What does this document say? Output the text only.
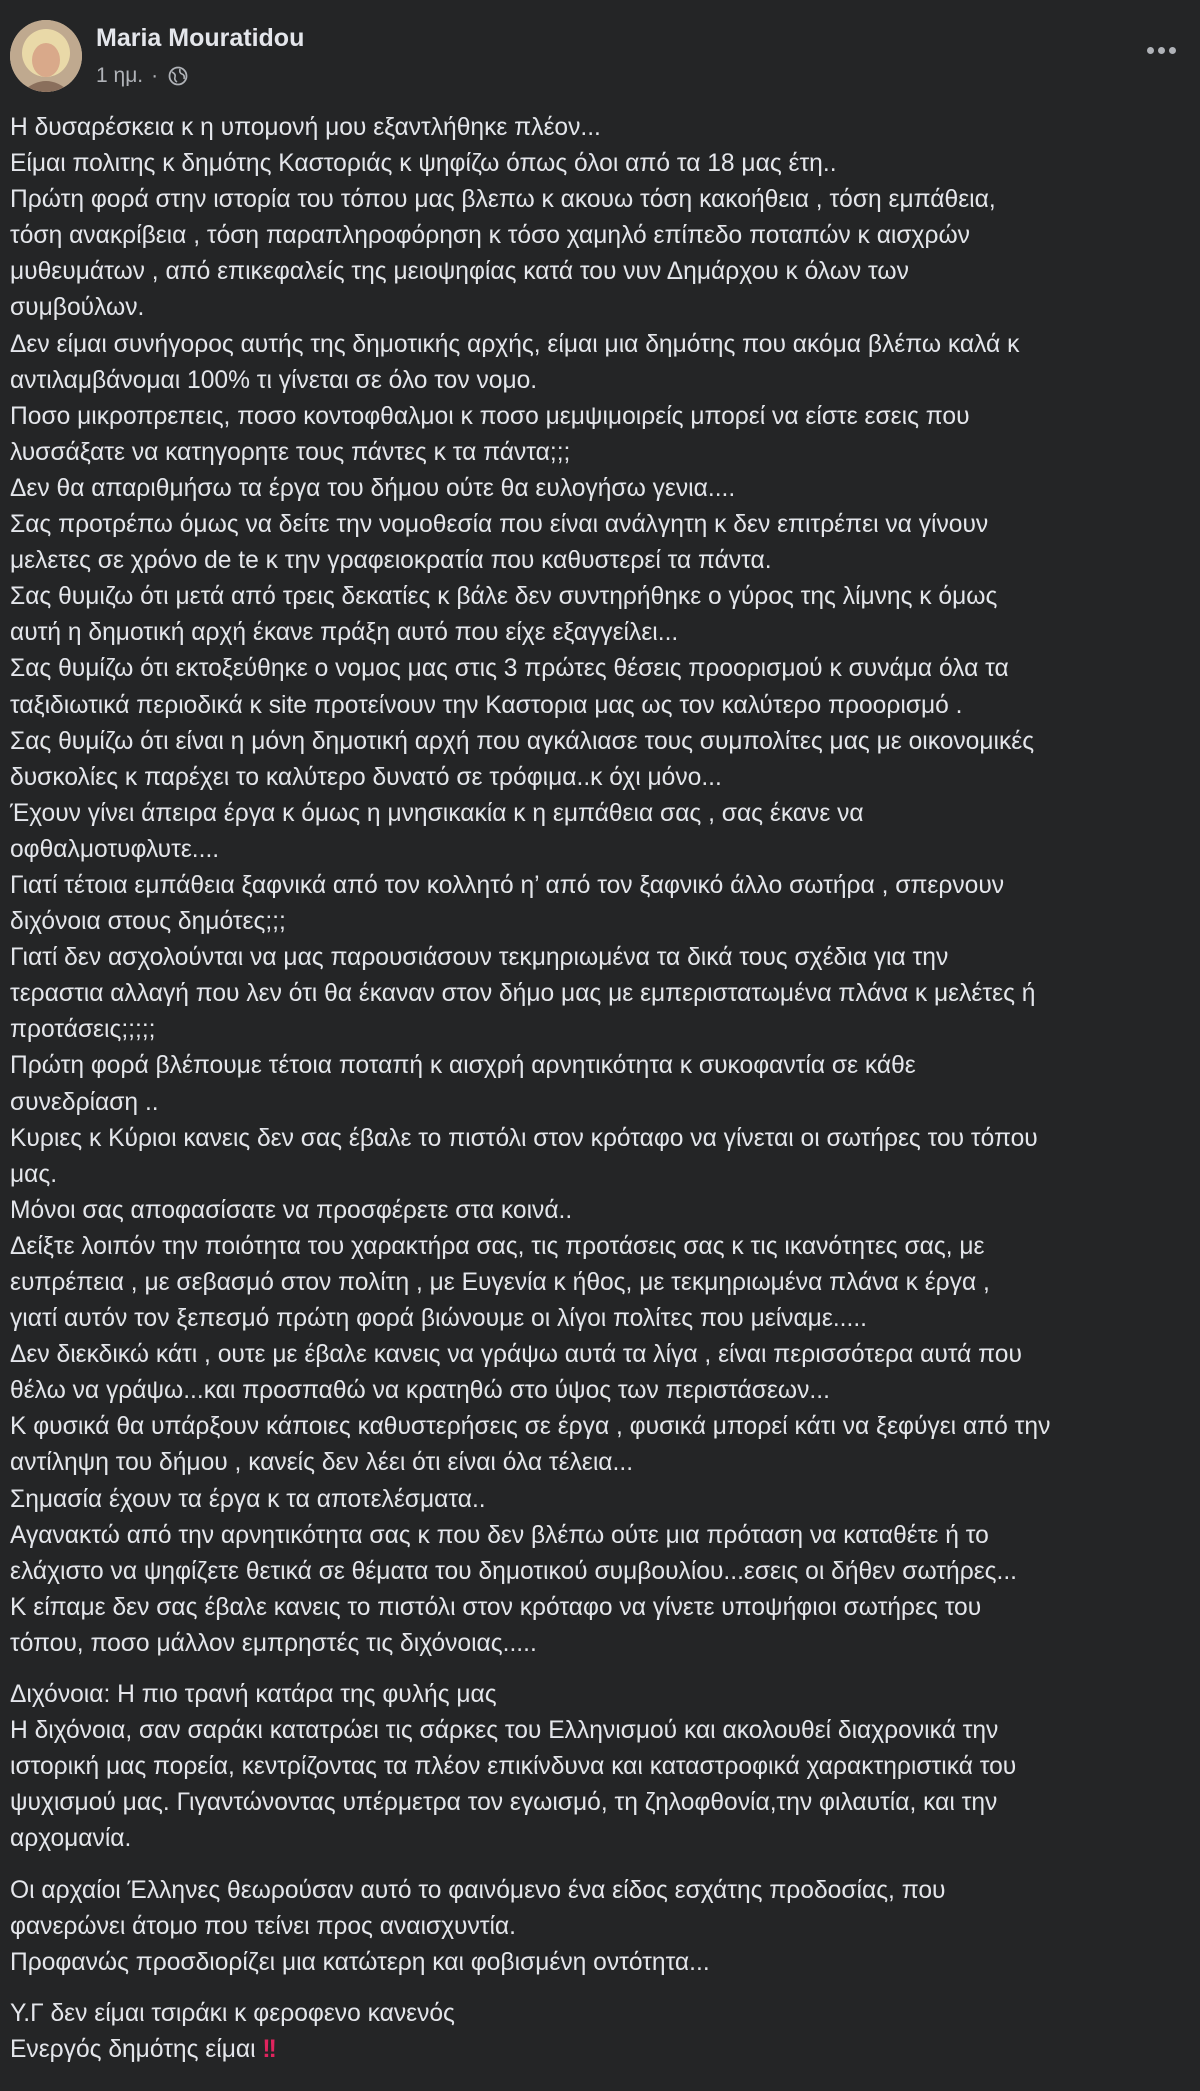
Maria Mouratidou
1 ημ. ·
Η δυσαρέσκεια κ η υπομονή μου εξαντλήθηκε πλέον...
Είμαι πολιτης κ δημότης Καστοριάς κ ψηφίζω όπως όλοι από τα 18 μας έτη..
Πρώτη φορά στην ιστορία του τόπου μας βλεπω κ ακουω τόση κακοήθεια , τόση εμπάθεια,
τόση ανακρίβεια , τόση παραπληροφόρηση κ τόσο χαμηλό επίπεδο ποταπών κ αισχρών
μυθευμάτων , από επικεφαλείς της μειοψηφίας κατά του νυν Δημάρχου κ όλων των
συμβούλων.
Δεν είμαι συνήγορος αυτής της δημοτικής αρχής, είμαι μια δημότης που ακόμα βλέπω καλά κ
αντιλαμβάνομαι 100% τι γίνεται σε όλο τον νομο.
Ποσο μικροπρεπεις, ποσο κοντοφθαλμοι κ ποσο μεμψιμοιρείς μπορεί να είστε εσεις που
λυσσάξατε να κατηγορητε τους πάντες κ τα πάντα;;;
Δεν θα απαριθμήσω τα έργα του δήμου ούτε θα ευλογήσω γενια....
Σας προτρέπω όμως να δείτε την νομοθεσία που είναι ανάλγητη κ δεν επιτρέπει να γίνουν
μελετες σε χρόνο de te κ την γραφειοκρατία που καθυστερεί τα πάντα.
Σας θυμιζω ότι μετά από τρεις δεκατίες κ βάλε δεν συντηρήθηκε ο γύρος της λίμνης κ όμως
αυτή η δημοτική αρχή έκανε πράξη αυτό που είχε εξαγγείλει...
Σας θυμίζω ότι εκτοξεύθηκε ο νομος μας στις 3 πρώτες θέσεις προορισμού κ συνάμα όλα τα
ταξιδιωτικά περιοδικά κ site προτείνουν την Καστορια μας ως τον καλύτερο προορισμό .
Σας θυμίζω ότι είναι η μόνη δημοτική αρχή που αγκάλιασε τους συμπολίτες μας με οικονομικές
δυσκολίες κ παρέχει το καλύτερο δυνατό σε τρόφιμα..κ όχι μόνο...
Έχουν γίνει άπειρα έργα κ όμως η μνησικακία κ η εμπάθεια σας , σας έκανε να
οφθαλμοτυφλυτε....
Γιατί τέτοια εμπάθεια ξαφνικά από τον κολλητό η’ από τον ξαφνικό άλλο σωτήρα , σπερνουν
διχόνοια στους δημότες;;;
Γιατί δεν ασχολούνται να μας παρουσιάσουν τεκμηριωμένα τα δικά τους σχέδια για την
τεραστια αλλαγή που λεν ότι θα έκαναν στον δήμο μας με εμπεριστατωμένα πλάνα κ μελέτες ή
προτάσεις;;;;;
Πρώτη φορά βλέπουμε τέτοια ποταπή κ αισχρή αρνητικότητα κ συκοφαντία σε κάθε
συνεδρίαση ..
Κυριες κ Κύριοι κανεις δεν σας έβαλε το πιστόλι στον κρόταφο να γίνεται οι σωτήρες του τόπου
μας.
Μόνοι σας αποφασίσατε να προσφέρετε στα κοινά..
Δείξτε λοιπόν την ποιότητα του χαρακτήρα σας, τις προτάσεις σας κ τις ικανότητες σας, με
ευπρέπεια , με σεβασμό στον πολίτη , με Ευγενία κ ήθος, με τεκμηριωμένα πλάνα κ έργα ,
γιατί αυτόν τον ξεπεσμό πρώτη φορά βιώνουμε οι λίγοι πολίτες που μείναμε.....
Δεν διεκδικώ κάτι , ουτε με έβαλε κανεις να γράψω αυτά τα λίγα , είναι περισσότερα αυτά που
θέλω να γράψω...και προσπαθώ να κρατηθώ στο ύψος των περιστάσεων...
Κ φυσικά θα υπάρξουν κάποιες καθυστερήσεις σε έργα , φυσικά μπορεί κάτι να ξεφύγει από την
αντίληψη του δήμου , κανείς δεν λέει ότι είναι όλα τέλεια...
Σημασία έχουν τα έργα κ τα αποτελέσματα..
Αγανακτώ από την αρνητικότητα σας κ που δεν βλέπω ούτε μια πρόταση να καταθέτε ή το
ελάχιστο να ψηφίζετε θετικά σε θέματα του δημοτικού συμβουλίου...εσεις οι δήθεν σωτήρες...
Κ είπαμε δεν σας έβαλε κανεις το πιστόλι στον κρόταφο να γίνετε υποψήφιοι σωτήρες του
τόπου, ποσο μάλλον εμπρηστές τις διχόνοιας.....
Διχόνοια: Η πιο τρανή κατάρα της φυλής μας
Η διχόνοια, σαν σαράκι κατατρώει τις σάρκες του Ελληνισμού και ακολουθεί διαχρονικά την
ιστορική μας πορεία, κεντρίζοντας τα πλέον επικίνδυνα και καταστροφικά χαρακτηριστικά του
ψυχισμού μας. Γιγαντώνοντας υπέρμετρα τον εγωισμό, τη ζηλοφθονία,την φιλαυτία, και την
αρχομανία.
Οι αρχαίοι Έλληνες θεωρούσαν αυτό το φαινόμενο ένα είδος εσχάτης προδοσίας, που
φανερώνει άτομο που τείνει προς αναισχυντία.
Προφανώς προσδιορίζει μια κατώτερη και φοβισμένη οντότητα...
Υ.Γ δεν είμαι τσιράκι κ φεροφενο κανενός
Ενεργός δημότης είμαι !!
